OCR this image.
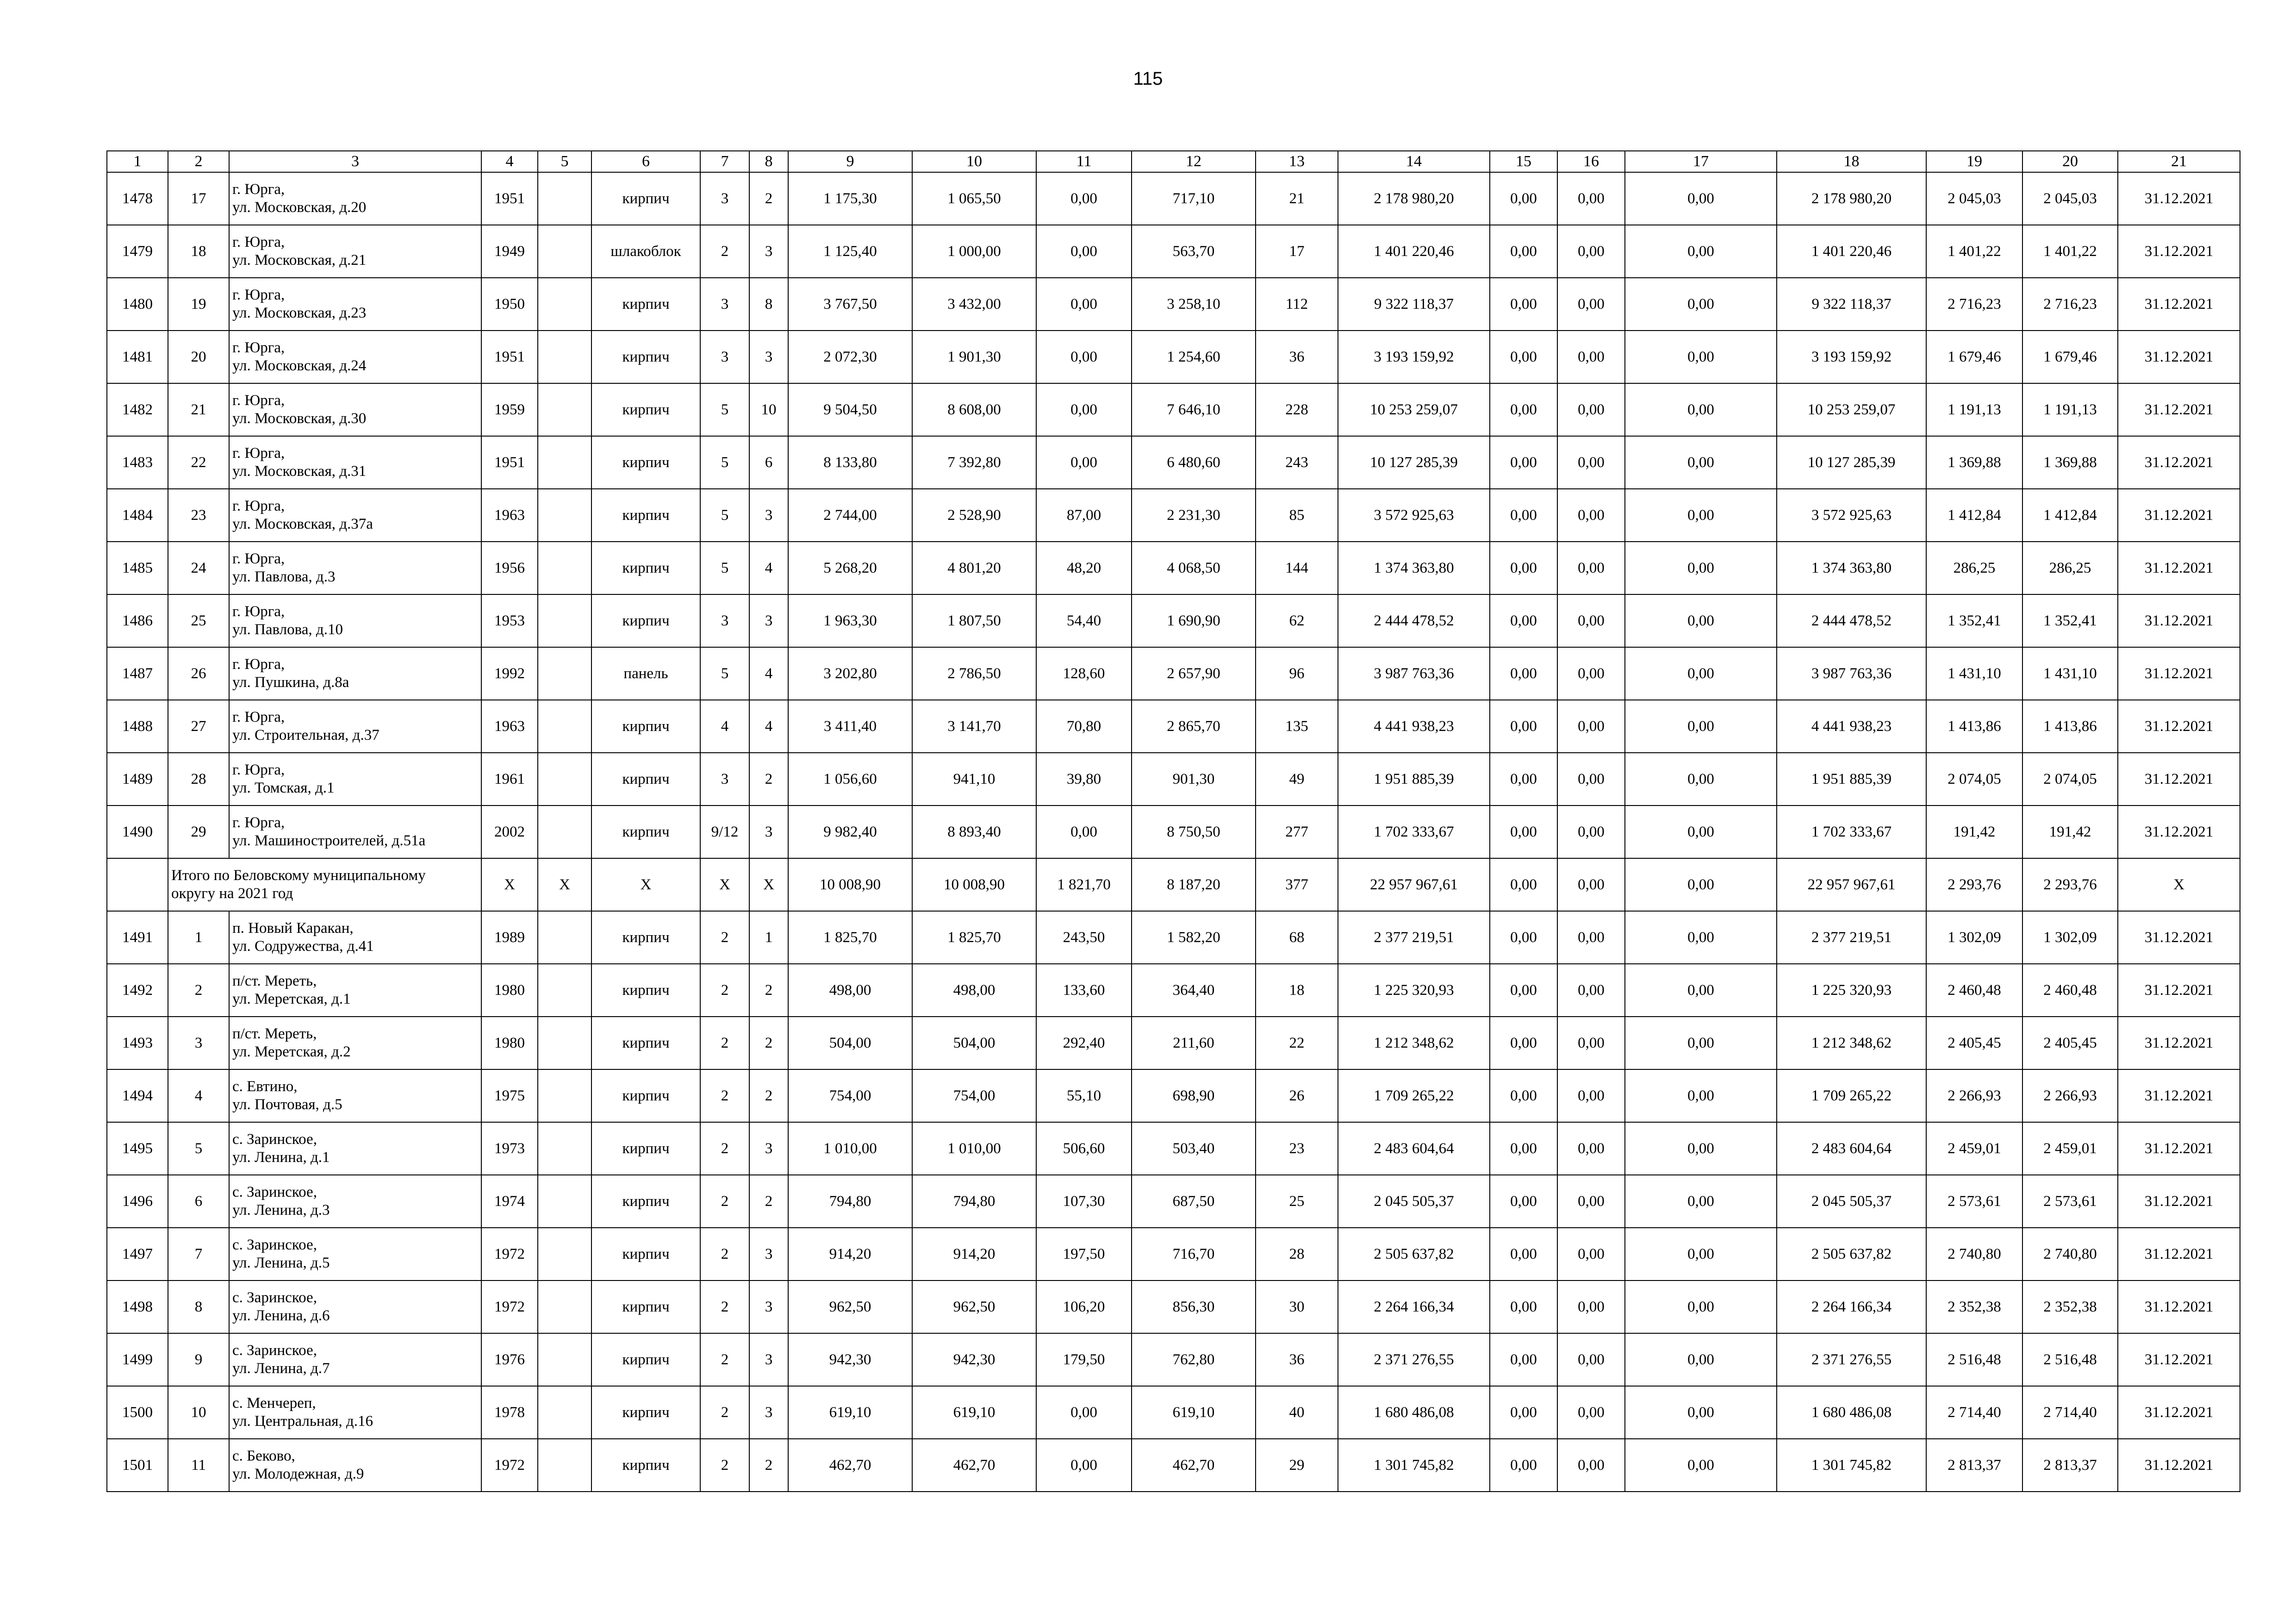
115
1	2	3	4	5	6	7	8	9	10	11	12	13	14	15	16	17	18	19	20	21
1478	17	г. Юрга,
ул. Московская, д.20	1951		кирпич	3	2	1 175,30	1 065,50	0,00	717,10	21	2 178 980,20	0,00	0,00	0,00	2 178 980,20	2 045,03	2 045,03	31.12.2021
1479	18	г. Юрга,
ул. Московская, д.21	1949		шлакоблок	2	3	1 125,40	1 000,00	0,00	563,70	17	1 401 220,46	0,00	0,00	0,00	1 401 220,46	1 401,22	1 401,22	31.12.2021
1480	19	г. Юрга,
ул. Московская, д.23	1950		кирпич	3	8	3 767,50	3 432,00	0,00	3 258,10	112	9 322 118,37	0,00	0,00	0,00	9 322 118,37	2 716,23	2 716,23	31.12.2021
1481	20	г. Юрга,
ул. Московская, д.24	1951		кирпич	3	3	2 072,30	1 901,30	0,00	1 254,60	36	3 193 159,92	0,00	0,00	0,00	3 193 159,92	1 679,46	1 679,46	31.12.2021
1482	21	г. Юрга,
ул. Московская, д.30	1959		кирпич	5	10	9 504,50	8 608,00	0,00	7 646,10	228	10 253 259,07	0,00	0,00	0,00	10 253 259,07	1 191,13	1 191,13	31.12.2021
1483	22	г. Юрга,
ул. Московская, д.31	1951		кирпич	5	6	8 133,80	7 392,80	0,00	6 480,60	243	10 127 285,39	0,00	0,00	0,00	10 127 285,39	1 369,88	1 369,88	31.12.2021
1484	23	г. Юрга,
ул. Московская, д.37а	1963		кирпич	5	3	2 744,00	2 528,90	87,00	2 231,30	85	3 572 925,63	0,00	0,00	0,00	3 572 925,63	1 412,84	1 412,84	31.12.2021
1485	24	г. Юрга,
ул. Павлова, д.3	1956		кирпич	5	4	5 268,20	4 801,20	48,20	4 068,50	144	1 374 363,80	0,00	0,00	0,00	1 374 363,80	286,25	286,25	31.12.2021
1486	25	г. Юрга,
ул. Павлова, д.10	1953		кирпич	3	3	1 963,30	1 807,50	54,40	1 690,90	62	2 444 478,52	0,00	0,00	0,00	2 444 478,52	1 352,41	1 352,41	31.12.2021
1487	26	г. Юрга,
ул. Пушкина, д.8а	1992		панель	5	4	3 202,80	2 786,50	128,60	2 657,90	96	3 987 763,36	0,00	0,00	0,00	3 987 763,36	1 431,10	1 431,10	31.12.2021
1488	27	г. Юрга,
ул. Строительная, д.37	1963		кирпич	4	4	3 411,40	3 141,70	70,80	2 865,70	135	4 441 938,23	0,00	0,00	0,00	4 441 938,23	1 413,86	1 413,86	31.12.2021
1489	28	г. Юрга,
ул. Томская, д.1	1961		кирпич	3	2	1 056,60	941,10	39,80	901,30	49	1 951 885,39	0,00	0,00	0,00	1 951 885,39	2 074,05	2 074,05	31.12.2021
1490	29	г. Юрга,
ул. Машиностроителей, д.51а	2002		кирпич	9/12	3	9 982,40	8 893,40	0,00	8 750,50	277	1 702 333,67	0,00	0,00	0,00	1 702 333,67	191,42	191,42	31.12.2021

	Итого по Беловскому муниципальному
округу на 2021 год		X	X	X	X	X	10 008,90	10 008,90	1 821,70	8 187,20	377	22 957 967,61	0,00	0,00	0,00	22 957 967,61	2 293,76	2 293,76	X
1491	1	п. Новый Каракан,
ул. Содружества, д.41	1989		кирпич	2	1	1 825,70	1 825,70	243,50	1 582,20	68	2 377 219,51	0,00	0,00	0,00	2 377 219,51	1 302,09	1 302,09	31.12.2021
1492	2	п/ст. Мереть,
ул. Меретская, д.1	1980		кирпич	2	2	498,00	498,00	133,60	364,40	18	1 225 320,93	0,00	0,00	0,00	1 225 320,93	2 460,48	2 460,48	31.12.2021
1493	3	п/ст. Мереть,
ул. Меретская, д.2	1980		кирпич	2	2	504,00	504,00	292,40	211,60	22	1 212 348,62	0,00	0,00	0,00	1 212 348,62	2 405,45	2 405,45	31.12.2021
1494	4	с. Евтино,
ул. Почтовая, д.5	1975		кирпич	2	2	754,00	754,00	55,10	698,90	26	1 709 265,22	0,00	0,00	0,00	1 709 265,22	2 266,93	2 266,93	31.12.2021
1495	5	с. Заринское,
ул. Ленина, д.1	1973		кирпич	2	3	1 010,00	1 010,00	506,60	503,40	23	2 483 604,64	0,00	0,00	0,00	2 483 604,64	2 459,01	2 459,01	31.12.2021
1496	6	с. Заринское,
ул. Ленина, д.3	1974		кирпич	2	2	794,80	794,80	107,30	687,50	25	2 045 505,37	0,00	0,00	0,00	2 045 505,37	2 573,61	2 573,61	31.12.2021
1497	7	с. Заринское,
ул. Ленина, д.5	1972		кирпич	2	3	914,20	914,20	197,50	716,70	28	2 505 637,82	0,00	0,00	0,00	2 505 637,82	2 740,80	2 740,80	31.12.2021
1498	8	с. Заринское,
ул. Ленина, д.6	1972		кирпич	2	3	962,50	962,50	106,20	856,30	30	2 264 166,34	0,00	0,00	0,00	2 264 166,34	2 352,38	2 352,38	31.12.2021
1499	9	с. Заринское,
ул. Ленина, д.7	1976		кирпич	2	3	942,30	942,30	179,50	762,80	36	2 371 276,55	0,00	0,00	0,00	2 371 276,55	2 516,48	2 516,48	31.12.2021
1500	10	с. Менчереп,
ул. Центральная, д.16	1978		кирпич	2	3	619,10	619,10	0,00	619,10	40	1 680 486,08	0,00	0,00	0,00	1 680 486,08	2 714,40	2 714,40	31.12.2021
1501	11	с. Беково,
ул. Молодежная, д.9	1972		кирпич	2	2	462,70	462,70	0,00	462,70	29	1 301 745,82	0,00	0,00	0,00	1 301 745,82	2 813,37	2 813,37	31.12.2021
